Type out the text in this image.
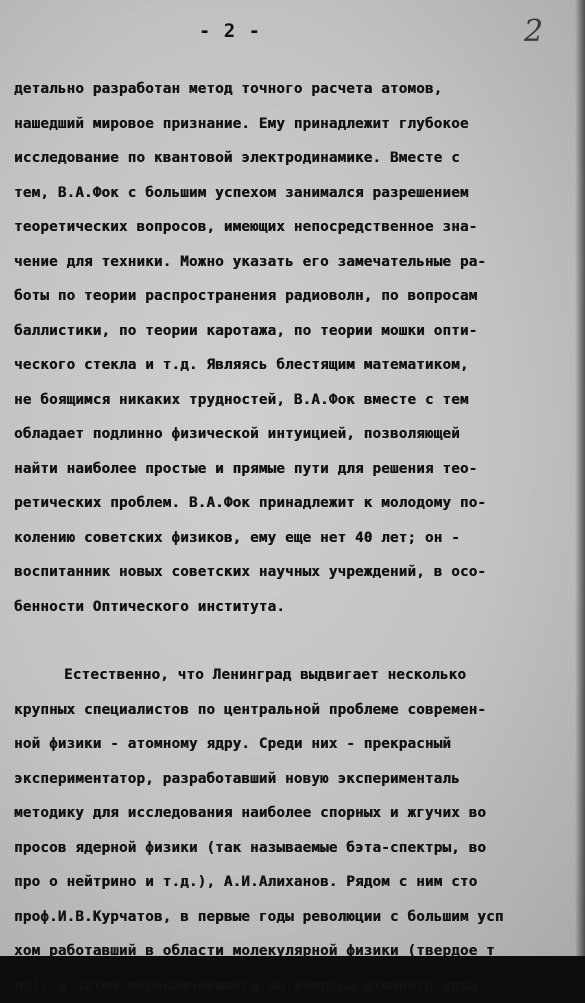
- 2 -	2
детально разработан метод точного расчета атомов,
нашедший мировое признание. Ему принадлежит глубокое
исследование по квантовой электродинамике. Вместе с
тем, В.А.Фок с большим успехом занимался разрешением
теоретических вопросов, имеющих непосредственное зна-
чение для техники. Можно указать его замечательные ра-
боты по теории распространения радиоволн, по вопросам
баллистики, по теории каротажа, по теории мошки опти-
ческого стекла и т.д. Являясь блестящим математиком,
не боящимся никаких трудностей, В.А.Фок вместе с тем
обладает подлинно физической интуицией, позволяющей
найти наиболее простые и прямые пути для решения тео-
ретических проблем. В.А.Фок принадлежит к молодому по-
колению советских физиков, ему еще нет 40 лет; он -
воспитанник новых советских научных учреждений, в осо-
бенности Оптического института.
Естественно, что Ленинград выдвигает несколько
крупных специалистов по центральной проблеме современ-
ной физики - атомному ядру. Среди них - прекрасный
экспериментатор, разработавший новую эксперименталь
методику для исследования наиболее спорных и жгучих во
просов ядерной физики (так называемые бэта-спектры, во
про о нейтрино и т.д.), А.И.Алиханов. Рядом с ним сто
проф.И.В.Курчатов, в первые годы революции с большим усп
хом работавший в области молекулярной физики (твердое т
ло), а затем переключившийся на вопросы атомного ядра.
